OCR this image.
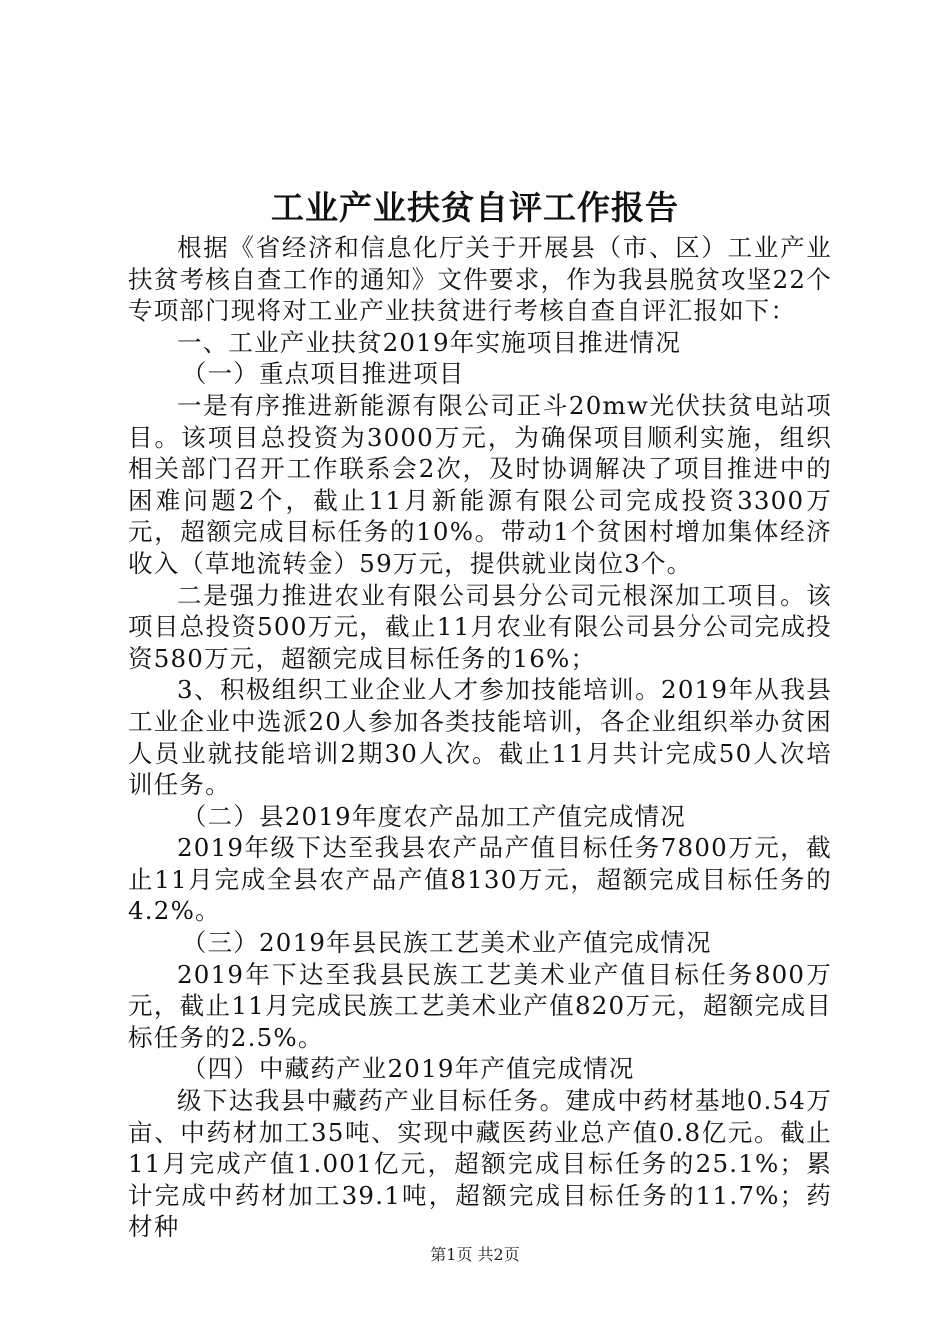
工业产业扶贫自评工作报告

根据《省经济和信息化厅关于开展县（市、区）工业产业扶贫考核自查工作的通知》文件要求，作为我县脱贫攻坚22个专项部门现将对工业产业扶贫进行考核自查自评汇报如下：

一、工业产业扶贫2019年实施项目推进情况

（一）重点项目推进项目

一是有序推进新能源有限公司正斗20mw光伏扶贫电站项目。该项目总投资为3000万元，为确保项目顺利实施，组织相关部门召开工作联系会2次，及时协调解决了项目推进中的困难问题2个，截止11月新能源有限公司完成投资3300万元，超额完成目标任务的10%。带动1个贫困村增加集体经济收入（草地流转金）59万元，提供就业岗位3个。

二是强力推进农业有限公司县分公司元根深加工项目。该项目总投资500万元，截止11月农业有限公司县分公司完成投资580万元，超额完成目标任务的16%；

3、积极组织工业企业人才参加技能培训。2019年从我县工业企业中选派20人参加各类技能培训，各企业组织举办贫困人员业就技能培训2期30人次。截止11月共计完成50人次培训任务。

（二）县2019年度农产品加工产值完成情况

2019年级下达至我县农产品产值目标任务7800万元，截止11月完成全县农产品产值8130万元，超额完成目标任务的4.2%。

（三）2019年县民族工艺美术业产值完成情况

2019年下达至我县民族工艺美术业产值目标任务800万元，截止11月完成民族工艺美术业产值820万元，超额完成目标任务的2.5%。

（四）中藏药产业2019年产值完成情况

级下达我县中藏药产业目标任务。建成中药材基地0.54万亩、中药材加工35吨、实现中藏医药业总产值0.8亿元。截止11月完成产值1.001亿元，超额完成目标任务的25.1%；累计完成中药材加工39.1吨，超额完成目标任务的11.7%；药材种

第1页 共2页
